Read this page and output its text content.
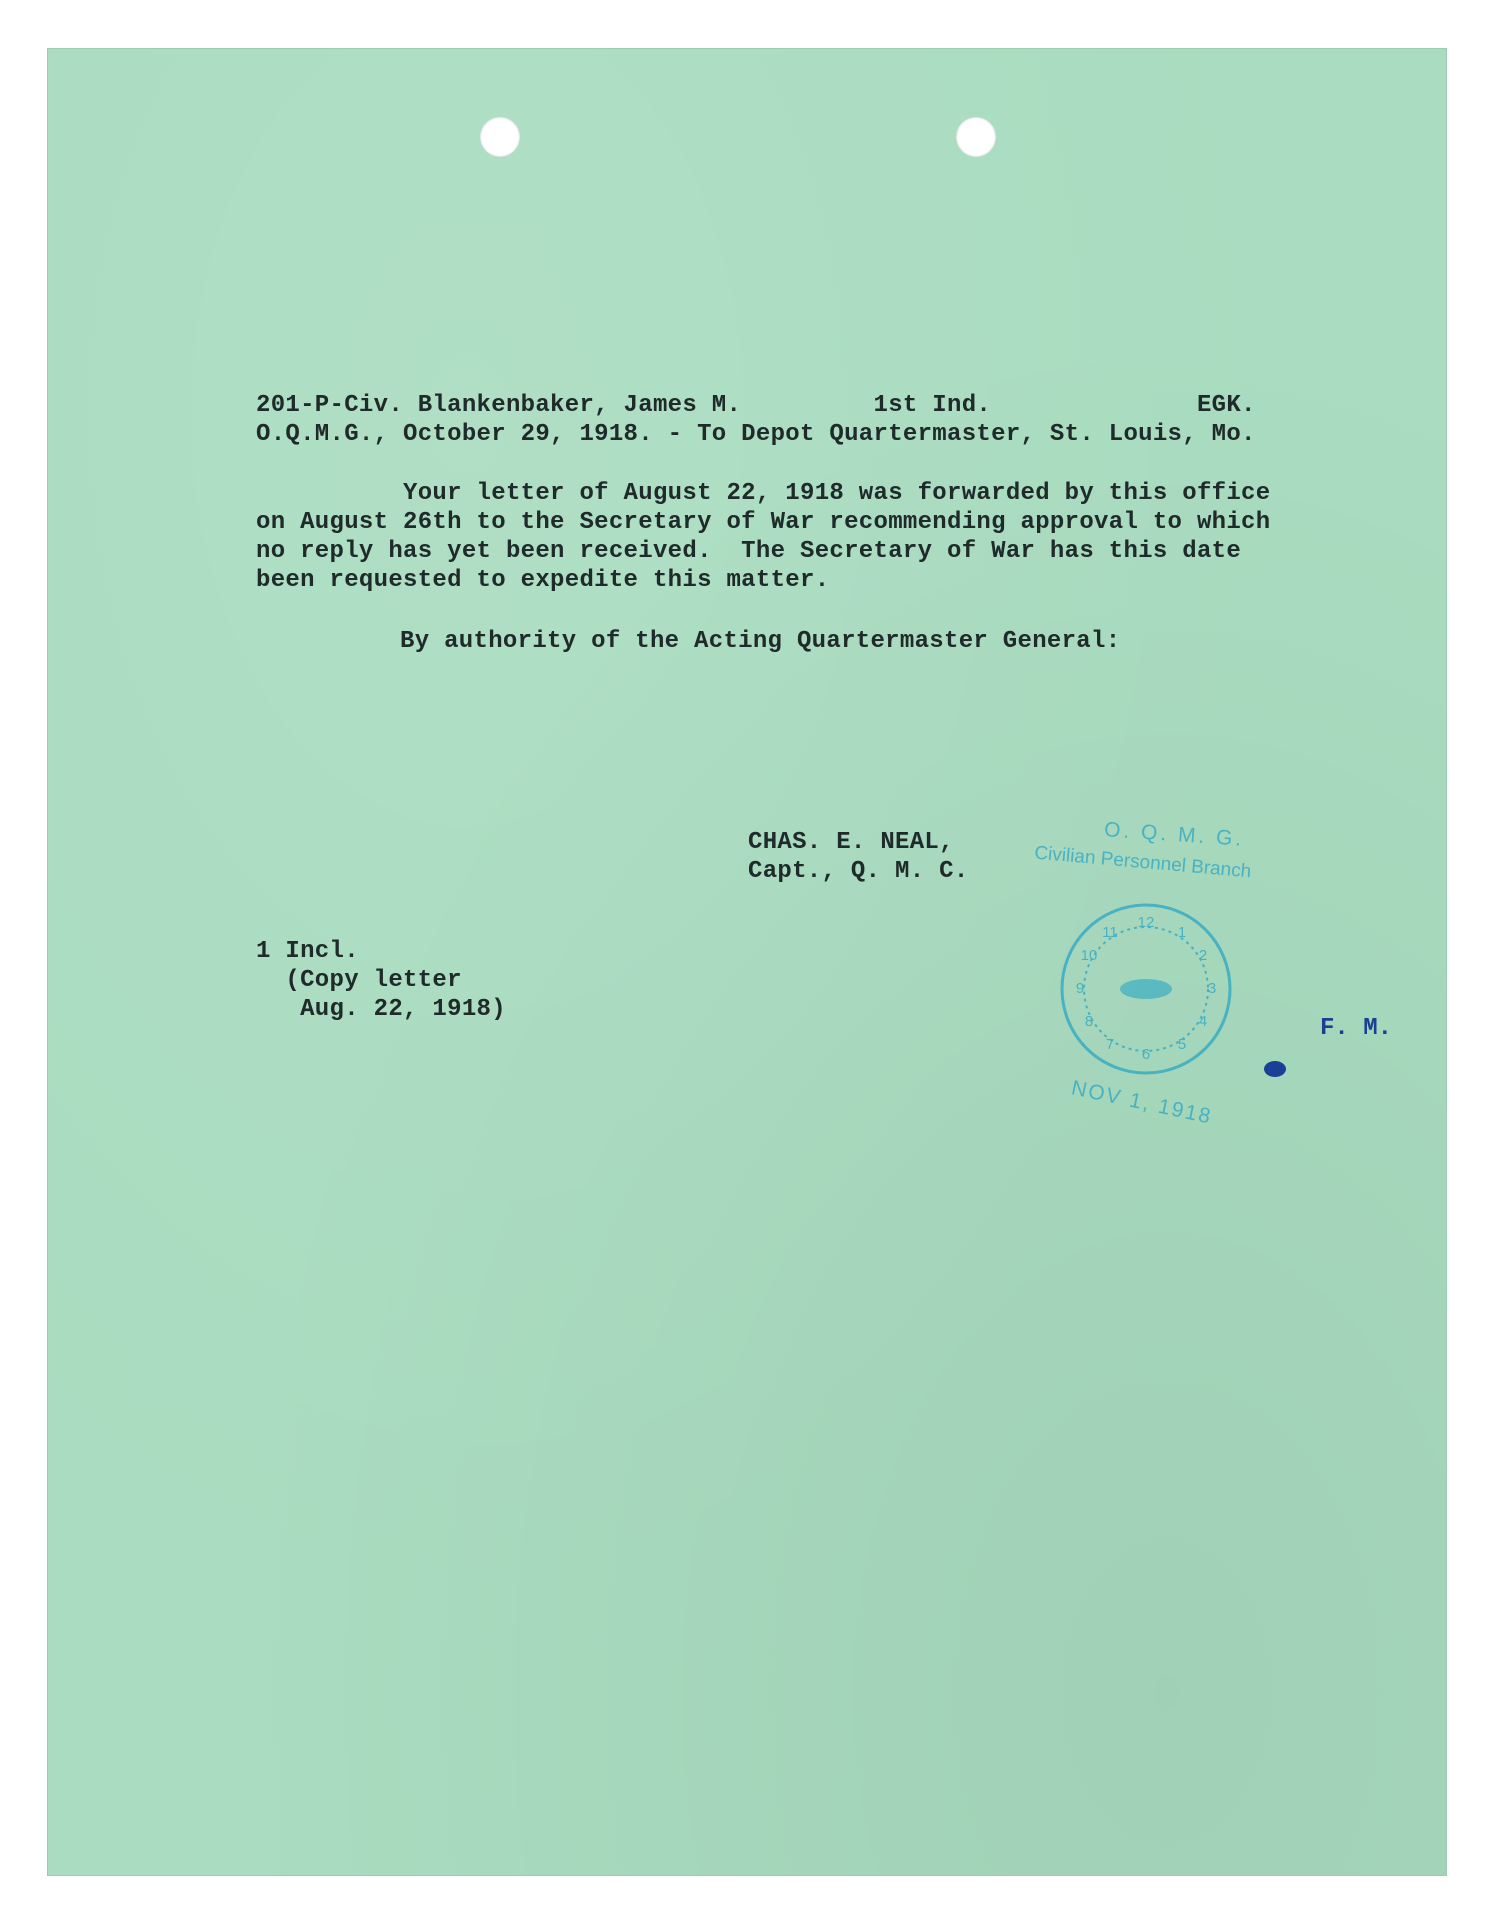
201-P-Civ. Blankenbaker, James M.         1st Ind.              EGK.
O.Q.M.G., October 29, 1918. - To Depot Quartermaster, St. Louis, Mo.
Your letter of August 22, 1918 was forwarded by this office
on August 26th to the Secretary of War recommending approval to which
no reply has yet been received.  The Secretary of War has this date
been requested to expedite this matter.
By authority of the Acting Quartermaster General:
CHAS. E. NEAL,
Capt., Q. M. C.
1 Incl.
(Copy letter
Aug. 22, 1918)
O. Q. M. G.
Civilian Personnel Branch
12
1
2
3
4
5
6
7
8
9
10
11
NOV 1, 1918
F. M.
